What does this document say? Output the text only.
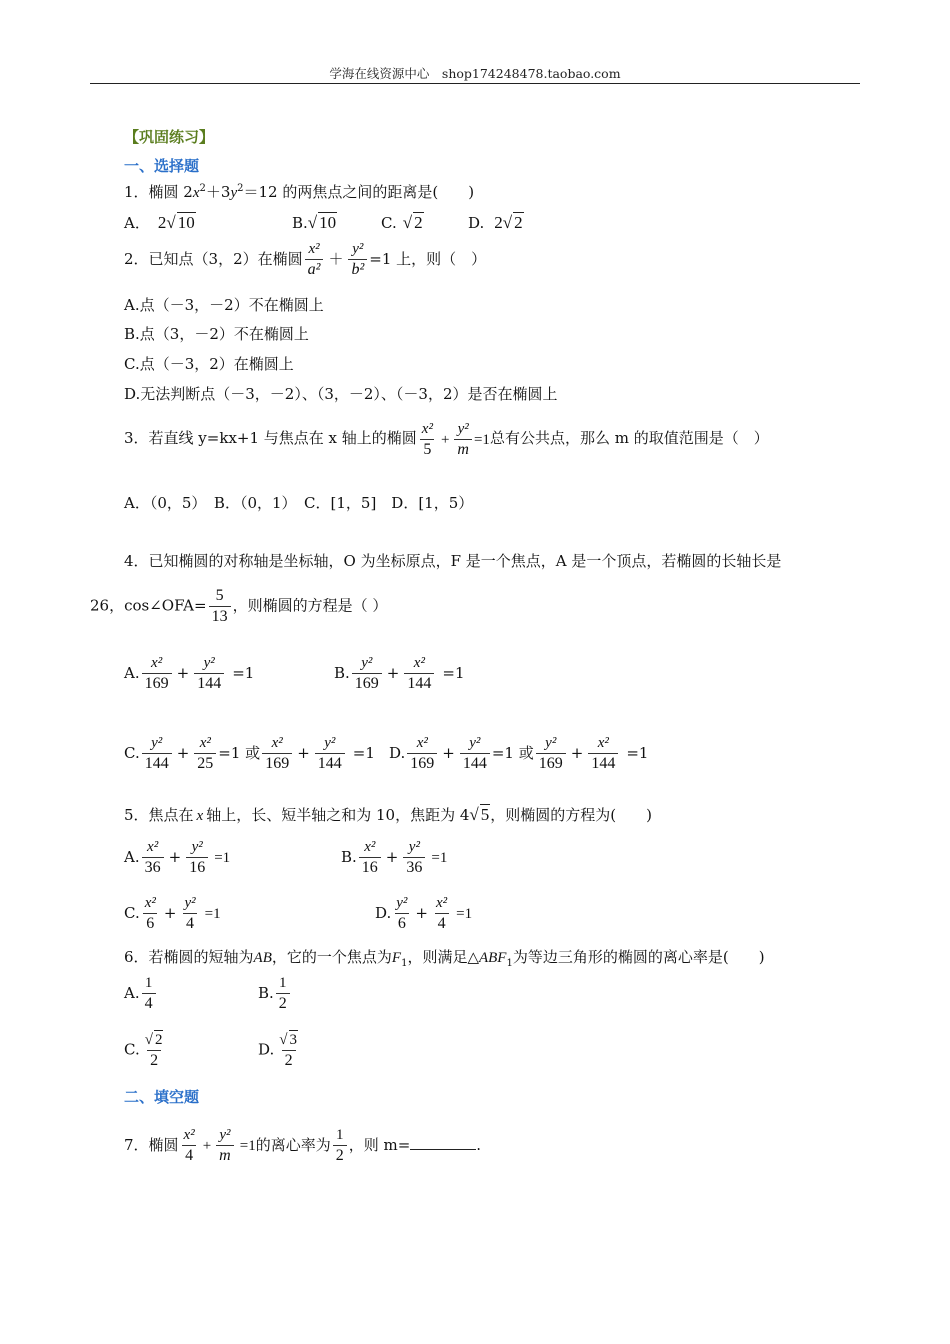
学海在线资源中心　shop174248478.taobao.com
【巩固练习】
一、选择题
1．椭圆 $2x^2+3y^2=12$ 的两焦点之间的距离是(　　)
A． 2√ 10	B.√ 10	C. √ 2	D. 2√ 2
2．已知点（3，2）在椭圆 $\frac{\text{x²}}{\text{a²}} + \frac{\text{y²}}{\text{b²}} =1$ 上，则（　）
A.点（－3，－2）不在椭圆上
B.点（3，－2）不在椭圆上
C.点（－3，2）在椭圆上
D.无法判断点（－3，－2）、（3，－2）、（－3，2）是否在椭圆上
3．若直线 y=kx+1 与焦点在 x 轴上的椭圆 $\frac{\text{x²}}{5} + \frac{\text{y²}}{m} =1$总有公共点，那么 m 的取值范围是（　）
A．（0，5）　B．（0，1）　C．[1，5]　D．[1，5）
4．已知椭圆的对称轴是坐标轴，O 为坐标原点，F 是一个焦点，A 是一个顶点，若椭圆的长轴长是
26，cos∠OFA= $\frac{5}{13}$ ，则椭圆的方程是（ ）
A. $\frac{\text{x²}}{169} + \frac{\text{y²}}{144} =1$	B. $\frac{\text{y²}}{169} + \frac{\text{x²}}{144} =1$
C. $\frac{\text{y²}}{144} + \frac{\text{x²}}{25} =1$ 或 $\frac{\text{x²}}{169} + \frac{\text{y²}}{144} =1$ D. $\frac{\text{x²}}{169} + \frac{\text{y²}}{144} =1$ 或 $\frac{\text{y²}}{169} + \frac{\text{x²}}{144} =1$
5．焦点在 x 轴上，长、短半轴之和为 10，焦距为 4√ 5，则椭圆的方程为(　　)
A. $\frac{\text{x²}}{36} + \frac{\text{y²}}{16} =1$	B. $\frac{\text{x²}}{16} + \frac{\text{y²}}{36} =1$
C. $\frac{\text{x²}}{6} + \frac{\text{y²}}{4} =1$	D. $\frac{\text{y²}}{6} + \frac{\text{x²}}{4} =1$
6．若椭圆的短轴为AB，它的一个焦点为$F_1$，则满足$\triangle ABF_1$为等边三角形的椭圆的离心率是(　　)
A. $\frac{1}{4}$	B. $\frac{1}{2}$
C. $\frac{√ 2}{2}$	D. $\frac{√ 3}{2}$
二、填空题
7．椭圆 $\frac{\text{x²}}{4} + \frac{\text{y²}}{m} =1$的离心率为 $\frac{1}{2}$ ，则 m=	.
